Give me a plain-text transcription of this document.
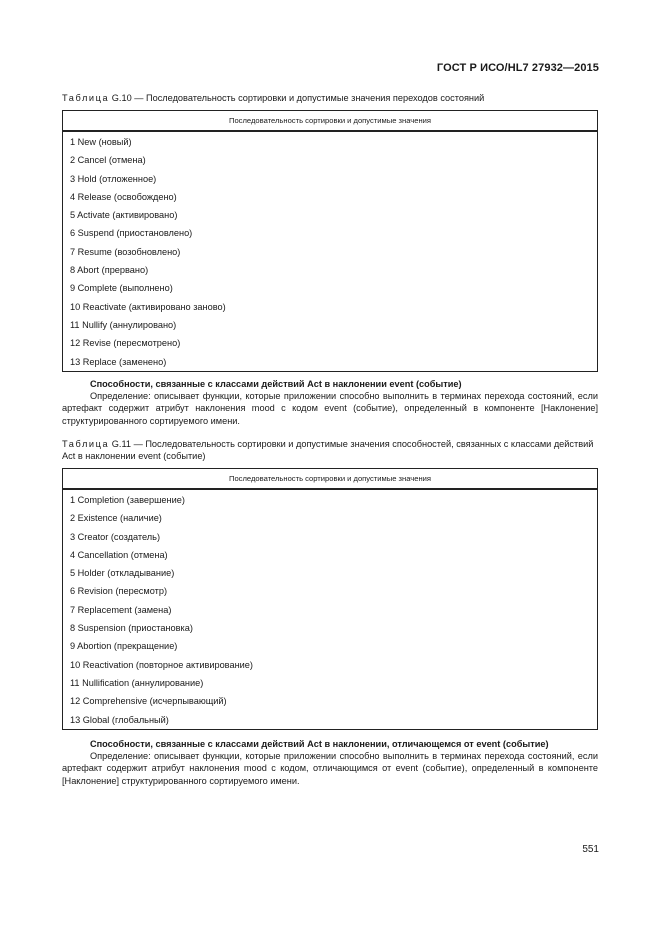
ГОСТ Р ИСО/HL7 27932—2015
Таблица G.10 — Последовательность сортировки и допустимые значения переходов состояний
Последовательность сортировки и допустимые значения
1 New (новый)
2 Cancel (отмена)
3 Hold (отложенное)
4 Release (освобождено)
5 Activate (активировано)
6 Suspend (приостановлено)
7 Resume (возобновлено)
8 Abort (прервано)
9 Complete (выполнено)
10 Reactivate (активировано заново)
11 Nullify (аннулировано)
12 Revise (пересмотрено)
13 Replace (заменено)
Способности, связанные с классами действий Act в наклонении event (событие)
Определение: описывает функции, которые приложении способно выполнить в терминах перехода состояний, если артефакт содержит атрибут наклонения mood с кодом event (событие), определенный в компоненте [Наклонение] структурированного сортируемого имени.
Таблица G.11 — Последовательность сортировки и допустимые значения способностей, связанных с классами действий Act в наклонении event (событие)
Последовательность сортировки и допустимые значения
1 Completion (завершение)
2 Existence (наличие)
3 Creator (создатель)
4 Cancellation (отмена)
5 Holder (откладывание)
6 Revision (пересмотр)
7 Replacement (замена)
8 Suspension (приостановка)
9 Abortion (прекращение)
10 Reactivation (повторное активирование)
11 Nullification (аннулирование)
12 Comprehensive (исчерпывающий)
13 Global (глобальный)
Способности, связанные с классами действий Act в наклонении, отличающемся от event (событие)
Определение: описывает функции, которые приложении способно выполнить в терминах перехода состояний, если артефакт содержит атрибут наклонения mood с кодом, отличающимся от event (событие), определенный в компоненте [Наклонение] структурированного сортируемого имени.
551
